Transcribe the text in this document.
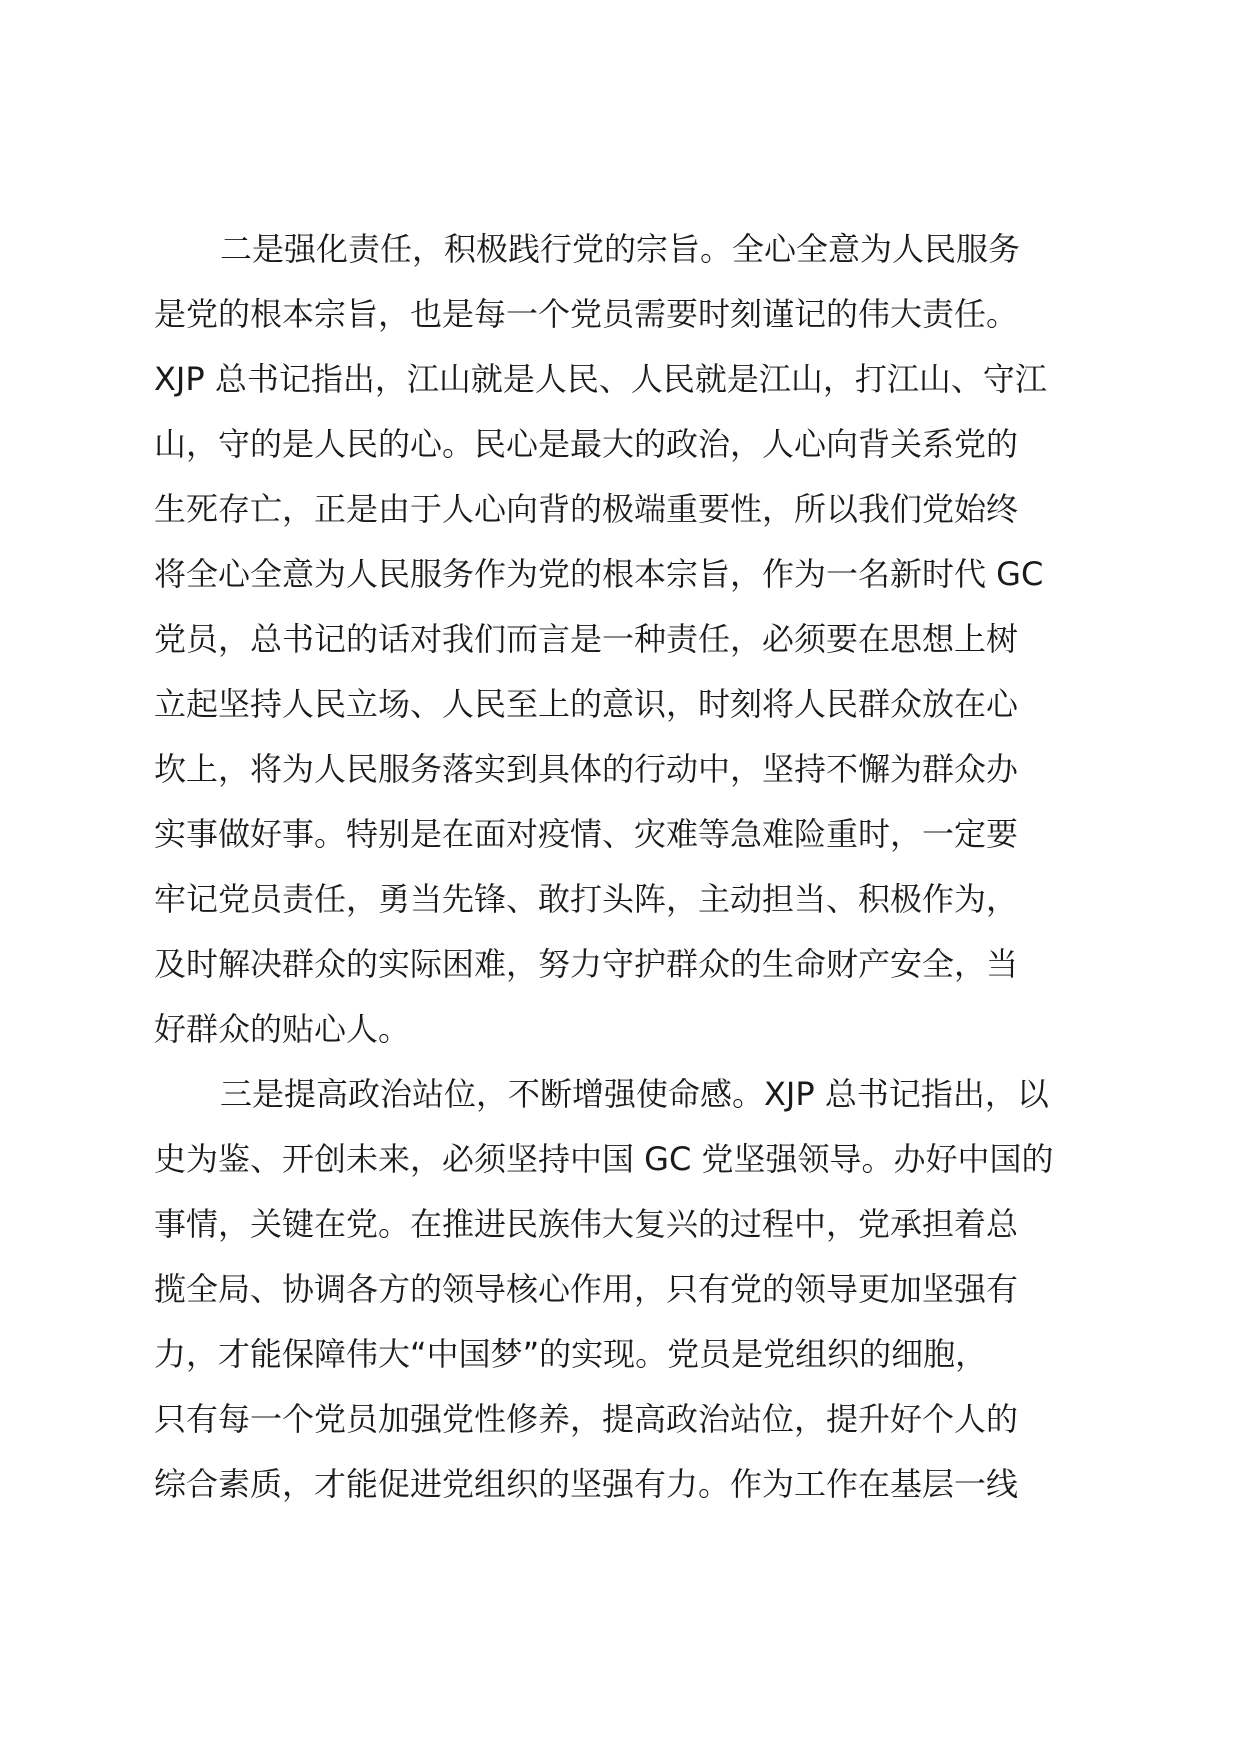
二是强化责任，积极践行党的宗旨。全心全意为人民服务
是党的根本宗旨，也是每一个党员需要时刻谨记的伟大责任。
XJP 总书记指出，江山就是人民、人民就是江山，打江山、守江
山，守的是人民的心。民心是最大的政治，人心向背关系党的
生死存亡，正是由于人心向背的极端重要性，所以我们党始终
将全心全意为人民服务作为党的根本宗旨，作为一名新时代 GC
党员，总书记的话对我们而言是一种责任，必须要在思想上树
立起坚持人民立场、人民至上的意识，时刻将人民群众放在心
坎上，将为人民服务落实到具体的行动中，坚持不懈为群众办
实事做好事。特别是在面对疫情、灾难等急难险重时，一定要
牢记党员责任，勇当先锋、敢打头阵，主动担当、积极作为，
及时解决群众的实际困难，努力守护群众的生命财产安全，当
好群众的贴心人。
三是提高政治站位，不断增强使命感。XJP 总书记指出，以
史为鉴、开创未来，必须坚持中国 GC 党坚强领导。办好中国的
事情，关键在党。在推进民族伟大复兴的过程中，党承担着总
揽全局、协调各方的领导核心作用，只有党的领导更加坚强有
力，才能保障伟大“中国梦”的实现。党员是党组织的细胞，
只有每一个党员加强党性修养，提高政治站位，提升好个人的
综合素质，才能促进党组织的坚强有力。作为工作在基层一线
